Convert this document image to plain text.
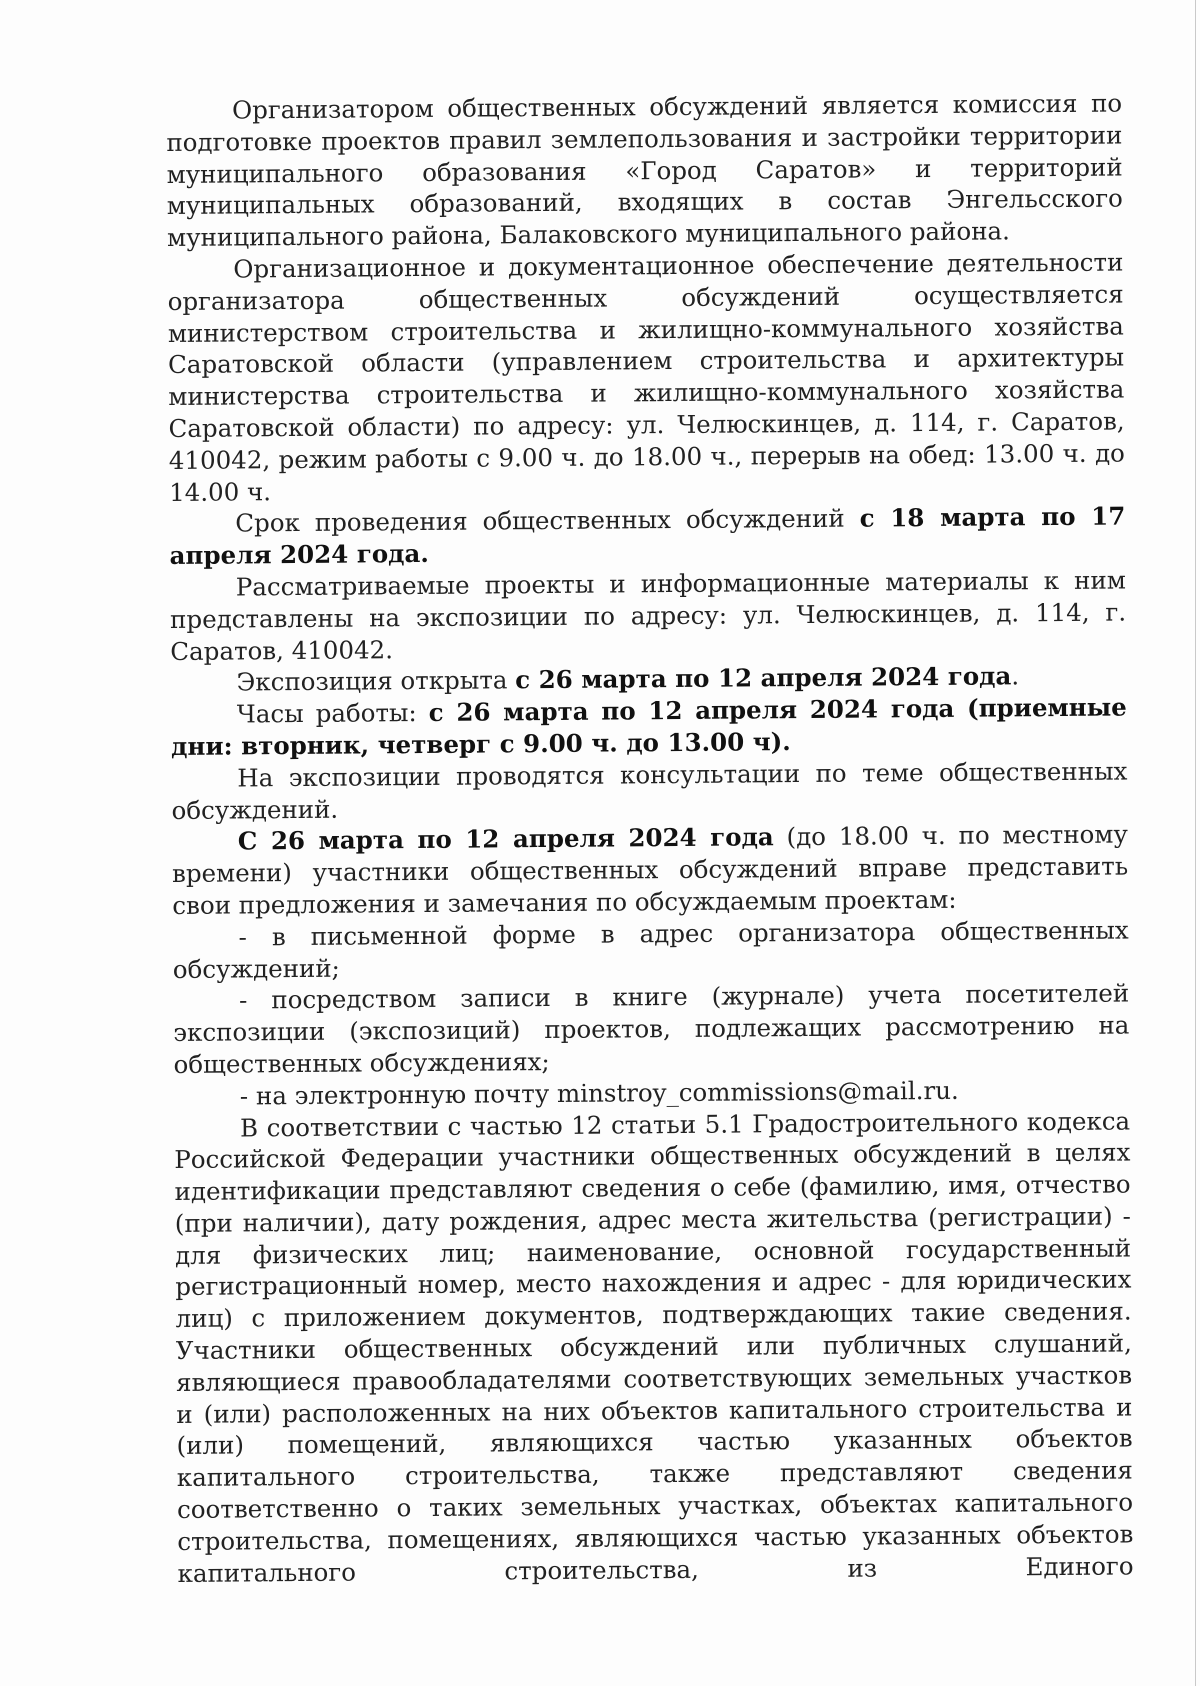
Организатором общественных обсуждений является комиссия по подготовке проектов правил землепользования и застройки территории муниципального образования «Город Саратов» и территорий муниципальных образований, входящих в состав Энгельсского муниципального района, Балаковского муниципального района.

Организационное и документационное обеспечение деятельности организатора общественных обсуждений осуществляется министерством строительства и жилищно-коммунального хозяйства Саратовской области (управлением строительства и архитектуры министерства строительства и жилищно-коммунального хозяйства Саратовской области) по адресу: ул. Челюскинцев, д. 114, г. Саратов, 410042, режим работы с 9.00 ч. до 18.00 ч., перерыв на обед: 13.00 ч. до 14.00 ч.

Срок проведения общественных обсуждений с 18 марта по 17 апреля 2024 года.

Рассматриваемые проекты и информационные материалы к ним представлены на экспозиции по адресу: ул. Челюскинцев, д. 114, г. Саратов, 410042.

Экспозиция открыта с 26 марта по 12 апреля 2024 года.

Часы работы: с 26 марта по 12 апреля 2024 года (приемные дни: вторник, четверг с 9.00 ч. до 13.00 ч).

На экспозиции проводятся консультации по теме общественных обсуждений.

С 26 марта по 12 апреля 2024 года (до 18.00 ч. по местному времени) участники общественных обсуждений вправе представить свои предложения и замечания по обсуждаемым проектам:

- в письменной форме в адрес организатора общественных обсуждений;

- посредством записи в книге (журнале) учета посетителей экспозиции (экспозиций) проектов, подлежащих рассмотрению на общественных обсуждениях;

- на электронную почту minstroy_commissions@mail.ru.

В соответствии с частью 12 статьи 5.1 Градостроительного кодекса Российской Федерации участники общественных обсуждений в целях идентификации представляют сведения о себе (фамилию, имя, отчество (при наличии), дату рождения, адрес места жительства (регистрации) - для физических лиц; наименование, основной государственный регистрационный номер, место нахождения и адрес - для юридических лиц) с приложением документов, подтверждающих такие сведения. Участники общественных обсуждений или публичных слушаний, являющиеся правообладателями соответствующих земельных участков и (или) расположенных на них объектов капитального строительства и (или) помещений, являющихся частью указанных объектов капитального строительства, также представляют сведения соответственно о таких земельных участках, объектах капитального строительства, помещениях, являющихся частью указанных объектов капитального строительства, из Единого
